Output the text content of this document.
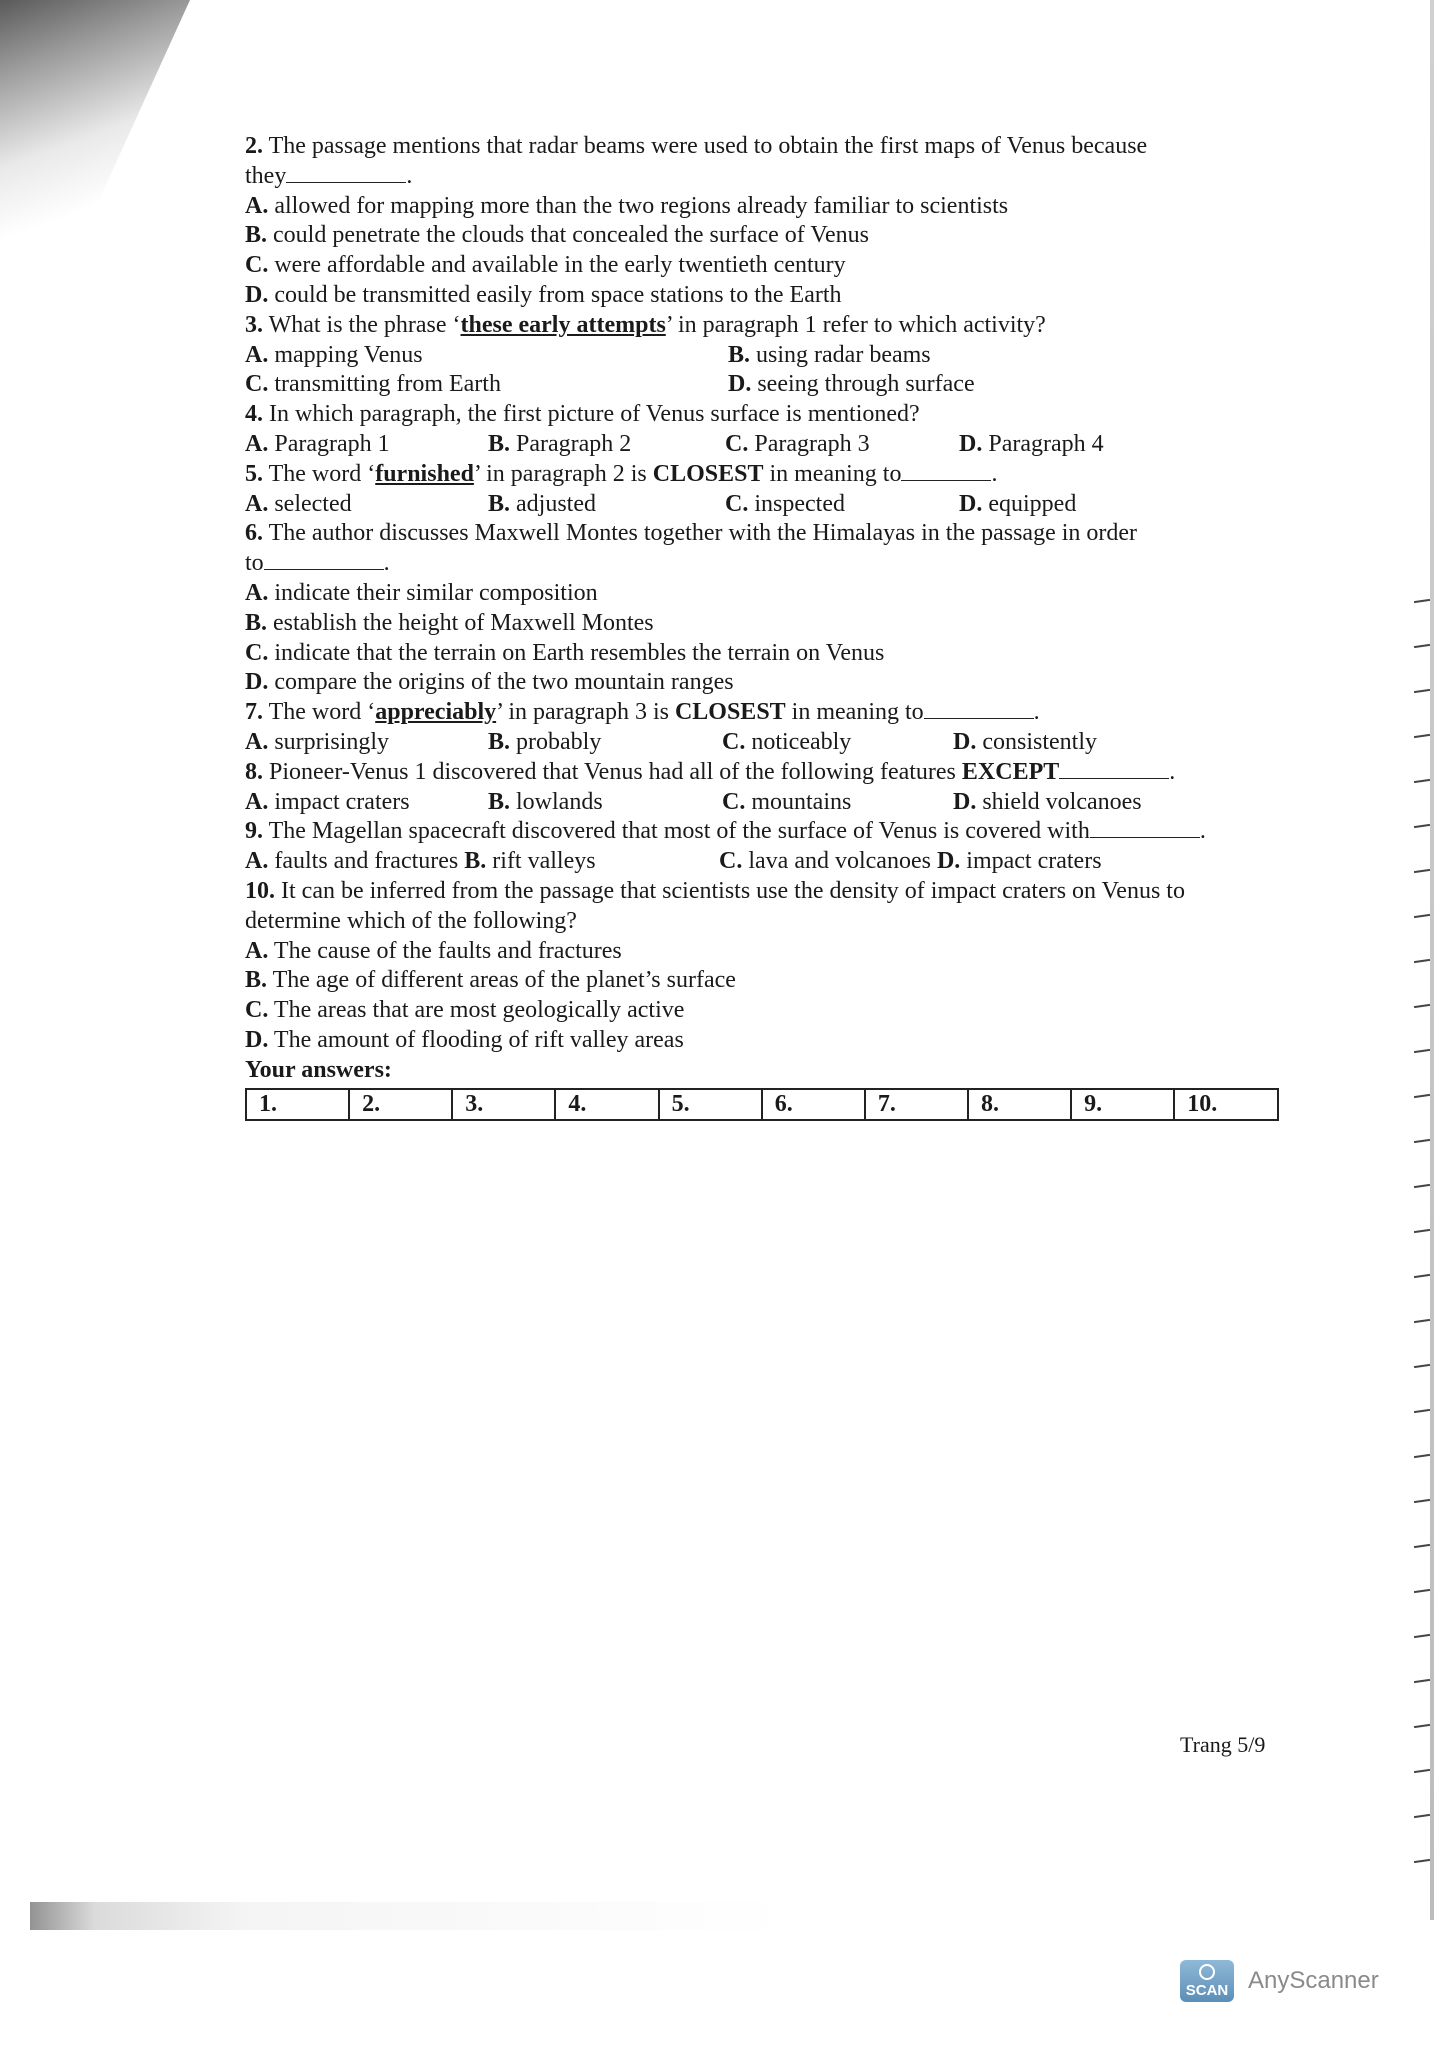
2. The passage mentions that radar beams were used to obtain the first maps of Venus because
they	.
A. allowed for mapping more than the two regions already familiar to scientists
B. could penetrate the clouds that concealed the surface of Venus
C. were affordable and available in the early twentieth century
D. could be transmitted easily from space stations to the Earth
3. What is the phrase ‘these early attempts’ in paragraph 1 refer to which activity?
A. mapping Venus	B. using radar beams
C. transmitting from Earth	D. seeing through surface
4. In which paragraph, the first picture of Venus surface is mentioned?
A. Paragraph 1	B. Paragraph 2	C. Paragraph 3	D. Paragraph 4
5. The word ‘furnished’ in paragraph 2 is CLOSEST in meaning to	.
A. selected	B. adjusted	C. inspected	D. equipped
6. The author discusses Maxwell Montes together with the Himalayas in the passage in order
to	.
A. indicate their similar composition
B. establish the height of Maxwell Montes
C. indicate that the terrain on Earth resembles the terrain on Venus
D. compare the origins of the two mountain ranges
7. The word ‘appreciably’ in paragraph 3 is CLOSEST in meaning to	.
A. surprisingly	B. probably	C. noticeably	D. consistently
8. Pioneer-Venus 1 discovered that Venus had all of the following features EXCEPT	.
A. impact craters	B. lowlands	C. mountains	D. shield volcanoes
9. The Magellan spacecraft discovered that most of the surface of Venus is covered with	.
A. faults and fractures B. rift valleys	C. lava and volcanoes D. impact craters
10. It can be inferred from the passage that scientists use the density of impact craters on Venus to
determine which of the following?
A. The cause of the faults and fractures
B. The age of different areas of the planet’s surface
C. The areas that are most geologically active
D. The amount of flooding of rift valley areas
Your answers:
1.	2.	3.	4.	5.	6.	7.	8.	9.	10.
Trang 5/9
SCAN AnyScanner
